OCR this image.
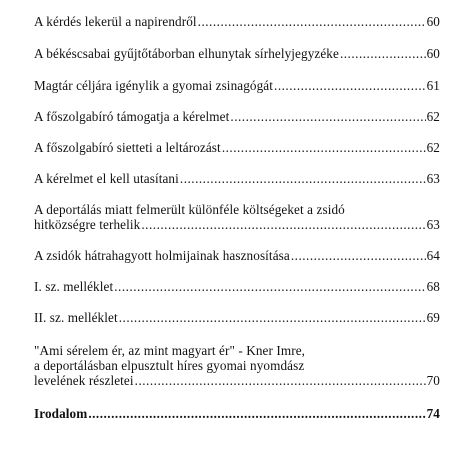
A kérdés lekerül a napirendről .....	60
A békéscsabai gyűjtőtáborban elhunytak sírhelyjegyzéke .....	60
Magtár céljára igénylik a gyomai zsinagógát .....	61
A főszolgabíró támogatja a kérelmet .....	62
A főszolgabíró sietteti a leltározást .....	62
A kérelmet el kell utasítani .....	63
A deportálás miatt felmerült különféle költségeket a zsidó
hitközségre terhelik .....	63
A zsidók hátrahagyott holmijainak hasznosítása .....	64
I. sz. melléklet .....	68
II. sz. melléklet .....	69
"Ami sérelem ér, az mint magyart ér" - Kner Imre,
a deportálásban elpusztult híres gyomai nyomdász
levelének részletei .....	70
Irodalom .....	74
